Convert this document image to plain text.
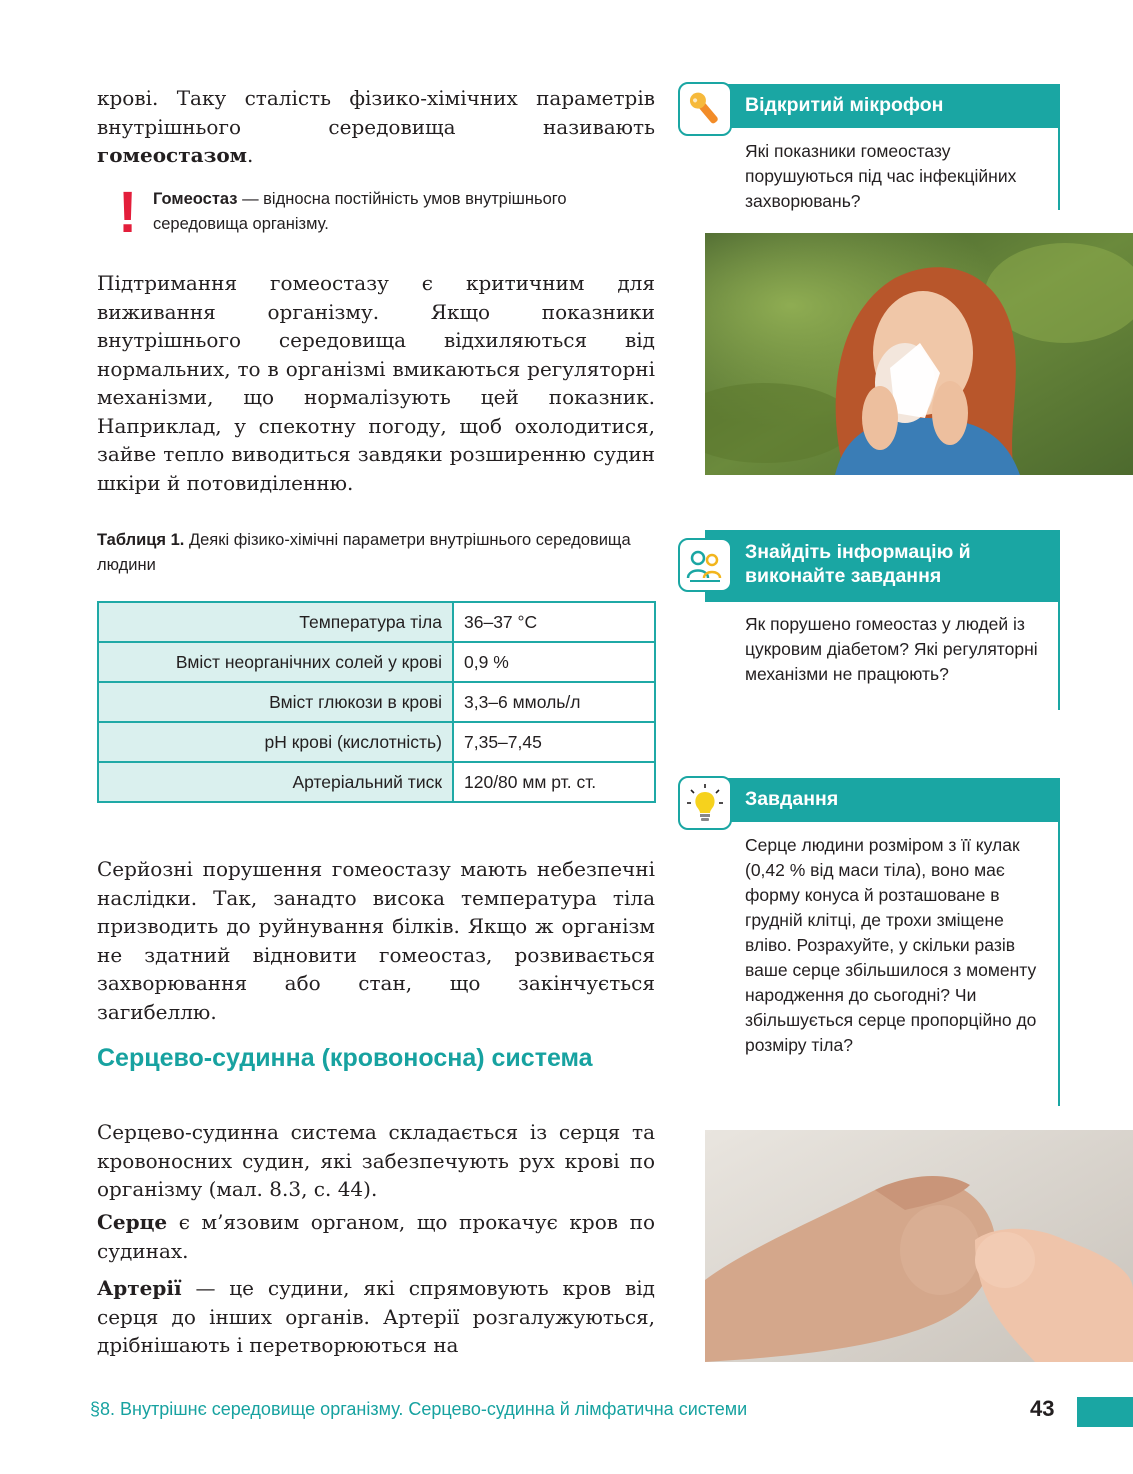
крові. Таку сталість фізико-хімічних параметрів внутрішнього середовища називають гомеостазом.

! Гомеостаз — відносна постійність умов внутрішнього середовища організму.

Підтримання гомеостазу є критичним для виживання організму. Якщо показники внутрішнього середовища відхиляються від нормальних, то в організмі вмикаються регуляторні механізми, що нормалізують цей показник. Наприклад, у спекотну погоду, щоб охолодитися, зайве тепло виводиться завдяки розширенню судин шкіри й потовиділенню.

Таблиця 1. Деякі фізико-хімічні параметри внутрішнього середовища людини
Температура тіла	36–37 °С
Вміст неорганічних солей у крові	0,9 %
Вміст глюкози в крові	3,3–6 ммоль/л
pH крові (кислотність)	7,35–7,45
Артеріальний тиск	120/80 мм рт. ст.

Серйозні порушення гомеостазу мають небезпечні наслідки. Так, занадто висока температура тіла призводить до руйнування білків. Якщо ж організм не здатний відновити гомеостаз, розвивається захворювання або стан, що закінчується загибеллю.

Серцево-судинна (кровоносна) система

Серцево-судинна система складається із серця та кровоносних судин, які забезпечують рух крові по організму (мал. 8.3, с. 44).

Серце є м’язовим органом, що прокачує кров по судинах.

Артерії — це судини, які спрямовують кров від серця до інших органів. Артерії розгалужуються, дрібнішають і перетворюються на

Відкритий мікрофон
Які показники гомеостазу порушуються під час інфекційних захворювань?
Знайдіть інформацію й виконайте завдання
Як порушено гомеостаз у людей із цукровим діабетом? Які регуляторні механізми не працюють?
Завдання
Серце людини розміром з її кулак (0,42 % від маси тіла), воно має форму конуса й розташоване в грудній клітці, де трохи зміщене вліво. Розрахуйте, у скільки разів ваше серце збільшилося з моменту народження до сьогодні? Чи збільшується серце пропорційно до розміру тіла?
§8. Внутрішнє середовище організму. Серцево-судинна й лімфатична системи	43
